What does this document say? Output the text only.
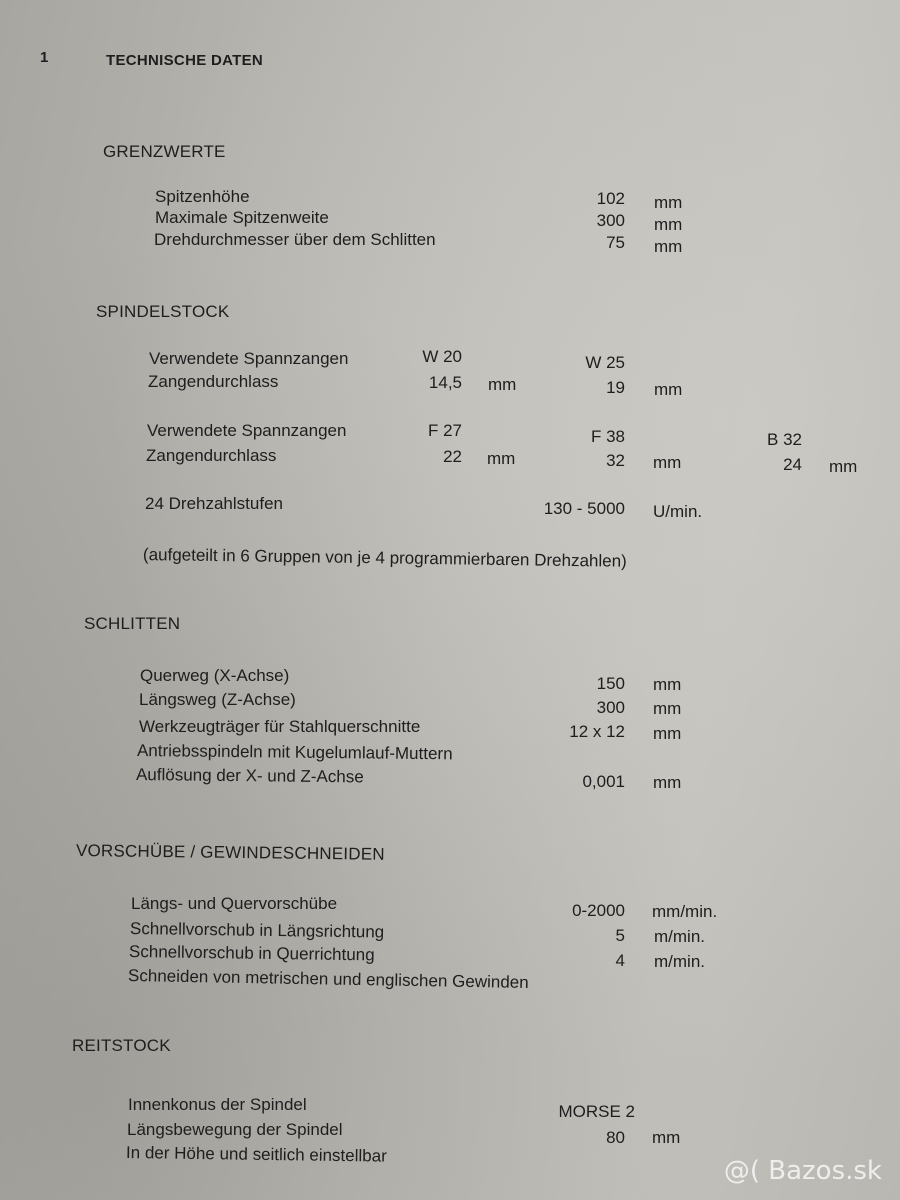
1	TECHNISCHE DATEN
GRENZWERTE
Spitzenhöhe	102 mm
Maximale Spitzenweite	300 mm
Drehdurchmesser über dem Schlitten	75 mm
SPINDELSTOCK
Verwendete Spannzangen	W 20	W 25
Zangendurchlass	14,5 mm	19 mm
Verwendete Spannzangen	F 27	F 38	B 32
Zangendurchlass	22 mm	32 mm	24 mm
24 Drehzahlstufen	130 - 5000 U/min.
(aufgeteilt in 6 Gruppen von je 4 programmierbaren Drehzahlen)
SCHLITTEN
Querweg (X-Achse)	150 mm
Längsweg (Z-Achse)	300 mm
Werkzeugträger für Stahlquerschnitte	12 x 12 mm
Antriebsspindeln mit Kugelumlauf-Muttern
Auflösung der X- und Z-Achse	0,001 mm
VORSCHÜBE / GEWINDESCHNEIDEN
Längs- und Quervorschübe	0-2000 mm/min.
Schnellvorschub in Längsrichtung	5 m/min.
Schnellvorschub in Querrichtung	4 m/min.
Schneiden von metrischen und englischen Gewinden
REITSTOCK
Innenkonus der Spindel	MORSE 2
Längsbewegung der Spindel	80 mm
In der Höhe und seitlich einstellbar
@( Bazos.sk
